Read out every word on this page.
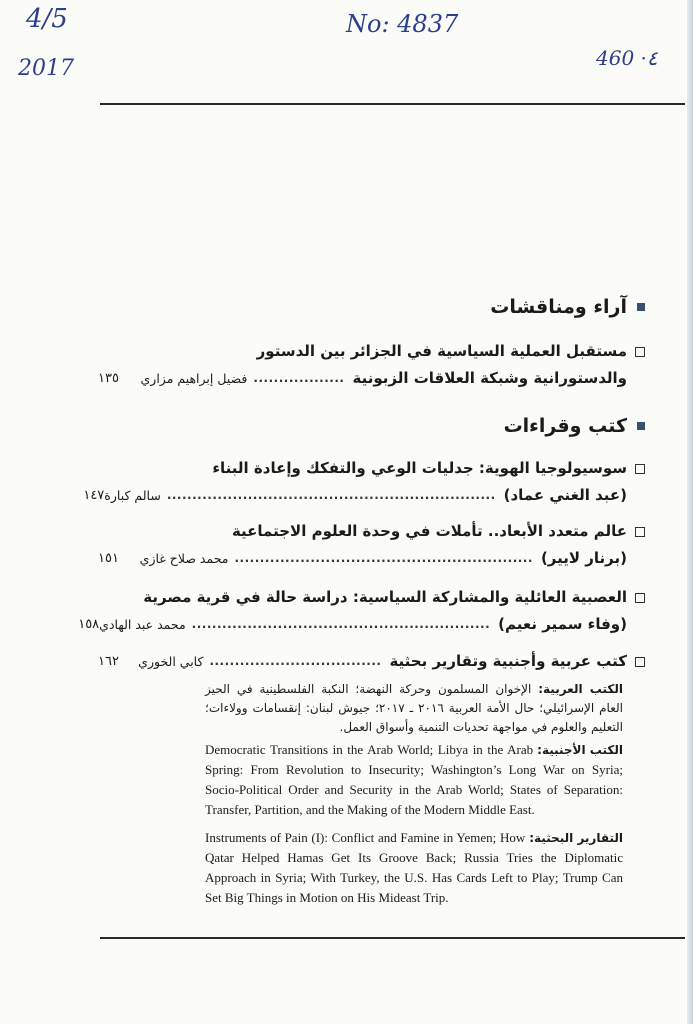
4/5
2017
No: 4837
460 ·٤
آراء ومناقشات
مستقبل العملية السياسية في الجزائر بين الدستور
والدستورانية وشبكة العلاقات الزبونية
..................
فضيل إبراهيم مزاري
١٣٥
كتب وقراءات
سوسيولوجيا الهوية: جدليات الوعي والتفكك وإعادة البناء
(عبد الغني عماد)
.................................................................
سالم كبارة
١٤٧
عالم متعدد الأبعاد.. تأملات في وحدة العلوم الاجتماعية
(برنار لايير)
...........................................................
محمد صلاح غازي
١٥١
العصبية العائلية والمشاركة السياسية: دراسة حالة في قرية مصرية
(وفاء سمير نعيم)
...........................................................
محمد عبد الهادي
١٥٨
كتب عربية وأجنبية وتقارير بحثية
..................................
كابي الخوري
١٦٢
الكتب العربية: الإخوان المسلمون وحركة النهضة؛ النكبة الفلسطينية في الحيز العام الإسرائيلي؛ حال الأمة العربية ٢٠١٦ ـ ٢٠١٧؛ جيوش لبنان: إنقسامات وولاءات؛ التعليم والعلوم في مواجهة تحديات التنمية وأسواق العمل.
الكتب الأجنبية:
Democratic Transitions in the Arab World; Libya in the Arab Spring: From Revolution to Insecurity; Washington’s Long War on Syria; Socio-Political Order and Security in the Arab World; States of Separation: Transfer, Partition, and the Making of the Modern Middle East.
التقارير البحثية:
Instruments of Pain (I): Conflict and Famine in Yemen; How Qatar Helped Hamas Get Its Groove Back; Russia Tries the Diplomatic Approach in Syria; With Turkey, the U.S. Has Cards Left to Play; Trump Can Set Big Things in Motion on His Mideast Trip.
